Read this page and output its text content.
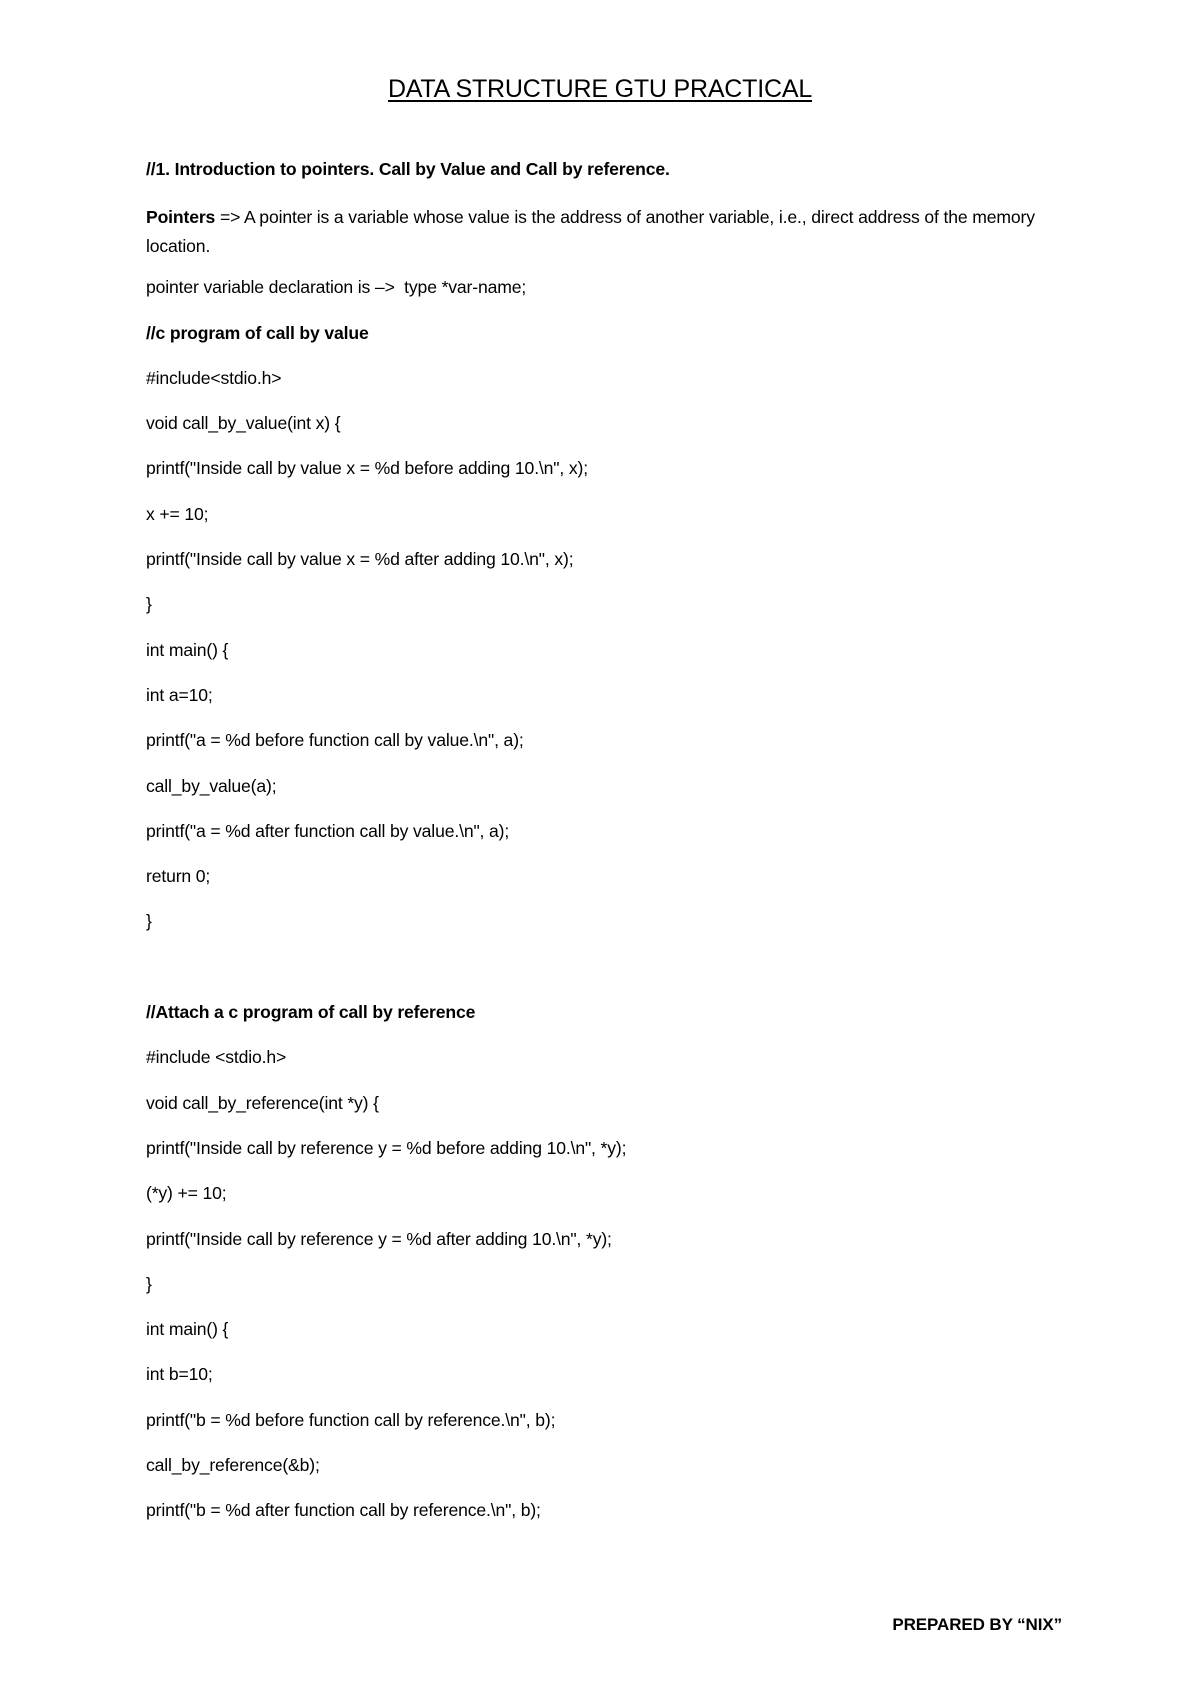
DATA STRUCTURE GTU PRACTICAL
//1. Introduction to pointers. Call by Value and Call by reference.
Pointers => A pointer is a variable whose value is the address of another variable, i.e., direct address of the memory location.
pointer variable declaration is –>  type *var-name;
//c program of call by value
#include<stdio.h>
void call_by_value(int x) {
printf("Inside call by value x = %d before adding 10.\n", x);
x += 10;
printf("Inside call by value x = %d after adding 10.\n", x);
}
int main() {
int a=10;
printf("a = %d before function call by value.\n", a);
call_by_value(a);
printf("a = %d after function call by value.\n", a);
return 0;
}
//Attach a c program of call by reference
#include <stdio.h>
void call_by_reference(int *y) {
printf("Inside call by reference y = %d before adding 10.\n", *y);
(*y) += 10;
printf("Inside call by reference y = %d after adding 10.\n", *y);
}
int main() {
int b=10;
printf("b = %d before function call by reference.\n", b);
call_by_reference(&b);
printf("b = %d after function call by reference.\n", b);
PREPARED BY “NIX”
